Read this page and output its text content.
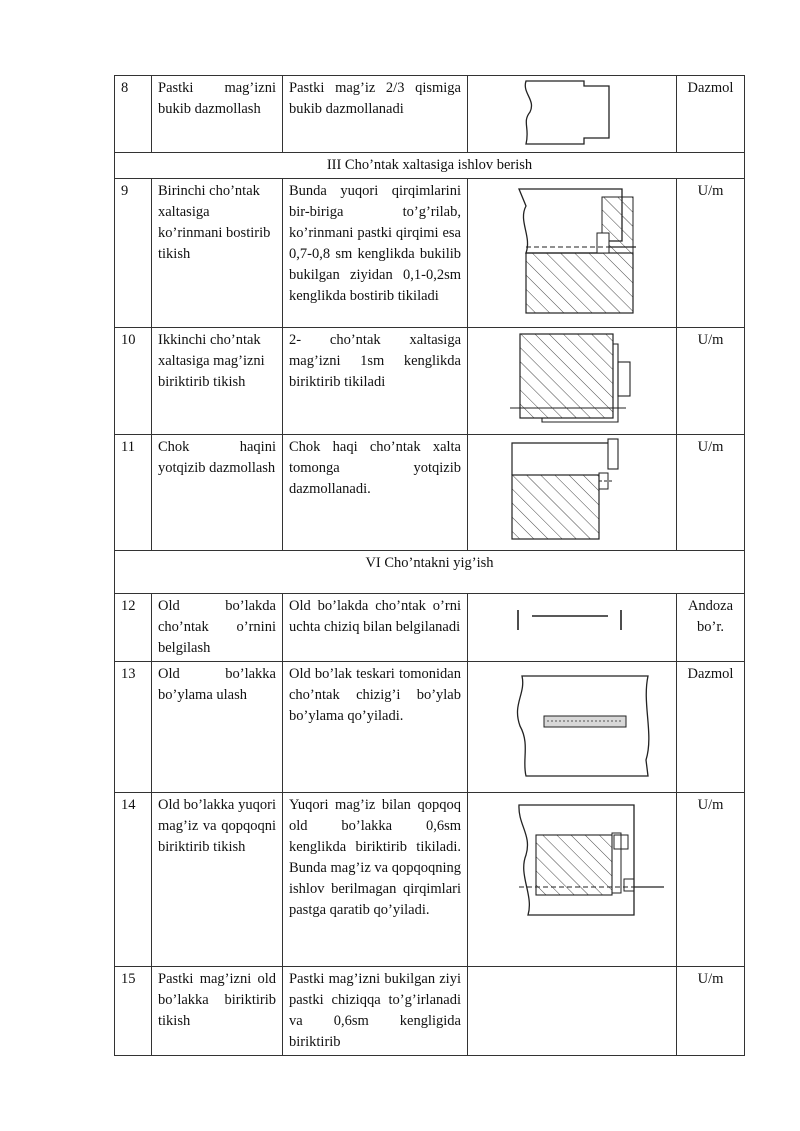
8	Pastki mag’izni bukib dazmollash	Pastki mag’iz 2/3 qismiga bukib dazmollanadi		Dazmol
III Cho’ntak xaltasiga ishlov berish				
9	Birinchi cho’ntak xaltasiga ko’rinmani bostirib tikish	Bunda yuqori qirqimlarini bir-biriga to’g’rilab, ko’rinmani pastki qirqimi esa 0,7-0,8 sm kenglikda bukilib bukilgan ziyidan 0,1-0,2sm kenglikda bostirib tikiladi		U/m
10	Ikkinchi cho’ntak xaltasiga mag’izni biriktirib tikish	2- cho’ntak xaltasiga mag’izni 1sm kenglikda biriktirib tikiladi		U/m
11	Chok haqini yotqizib dazmollash	Chok haqi cho’ntak xalta tomonga yotqizib dazmollanadi.		U/m
VI Cho’ntakni yig’ish				
12	Old bo’lakda cho’ntak o’rnini belgilash	Old bo’lakda cho’ntak o’rni uchta chiziq bilan belgilanadi		Andoza bo’r.
13	Old bo’lakka bo’ylama ulash	Old bo’lak teskari tomonidan cho’ntak chizig’i bo’ylab bo’ylama qo’yiladi.		Dazmol
14	Old bo’lakka yuqori mag’iz va qopqoqni biriktirib tikish	Yuqori mag’iz bilan qopqoq old bo’lakka 0,6sm kenglikda biriktirib tikiladi. Bunda mag’iz va qopqoqning ishlov berilmagan qirqimlari pastga qaratib qo’yiladi.		U/m
15	Pastki mag’izni old bo’lakka biriktirib tikish	Pastki mag’izni bukilgan ziyi pastki chiziqqa to’g’irlanadi va 0,6sm kengligida biriktirib		U/m
